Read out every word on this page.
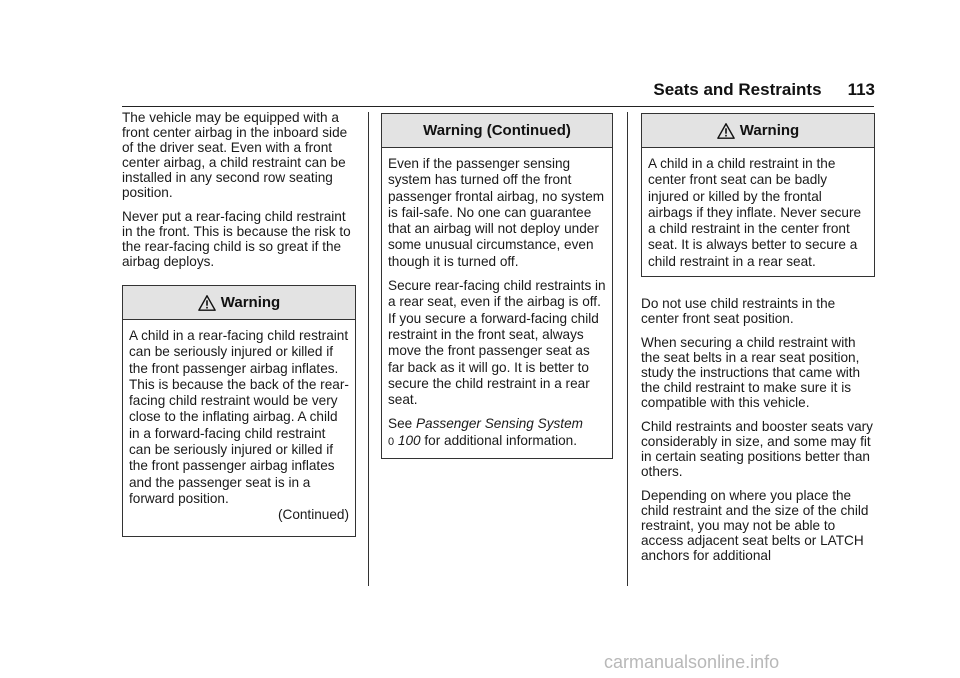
Seats and Restraints 113

The vehicle may be equipped with a front center airbag in the inboard side of the driver seat. Even with a front center airbag, a child restraint can be installed in any second row seating position.

Never put a rear-facing child restraint in the front. This is because the risk to the rear-facing child is so great if the airbag deploys.

Warning

A child in a rear-facing child restraint can be seriously injured or killed if the front passenger airbag inflates. This is because the back of the rear-facing child restraint would be very close to the inflating airbag. A child in a forward-facing child restraint can be seriously injured or killed if the front passenger airbag inflates and the passenger seat is in a forward position.

(Continued)

Warning (Continued)

Even if the passenger sensing system has turned off the front passenger frontal airbag, no system is fail-safe. No one can guarantee that an airbag will not deploy under some unusual circumstance, even though it is turned off.

Secure rear-facing child restraints in a rear seat, even if the airbag is off. If you secure a forward-facing child restraint in the front seat, always move the front passenger seat as far back as it will go. It is better to secure the child restraint in a rear seat.

See Passenger Sensing System
0 100 for additional information.

Warning

A child in a child restraint in the center front seat can be badly injured or killed by the frontal airbags if they inflate. Never secure a child restraint in the center front seat. It is always better to secure a child restraint in a rear seat.

Do not use child restraints in the center front seat position.

When securing a child restraint with the seat belts in a rear seat position, study the instructions that came with the child restraint to make sure it is compatible with this vehicle.

Child restraints and booster seats vary considerably in size, and some may fit in certain seating positions better than others.

Depending on where you place the child restraint and the size of the child restraint, you may not be able to access adjacent seat belts or LATCH anchors for additional

carmanualsonline.info
